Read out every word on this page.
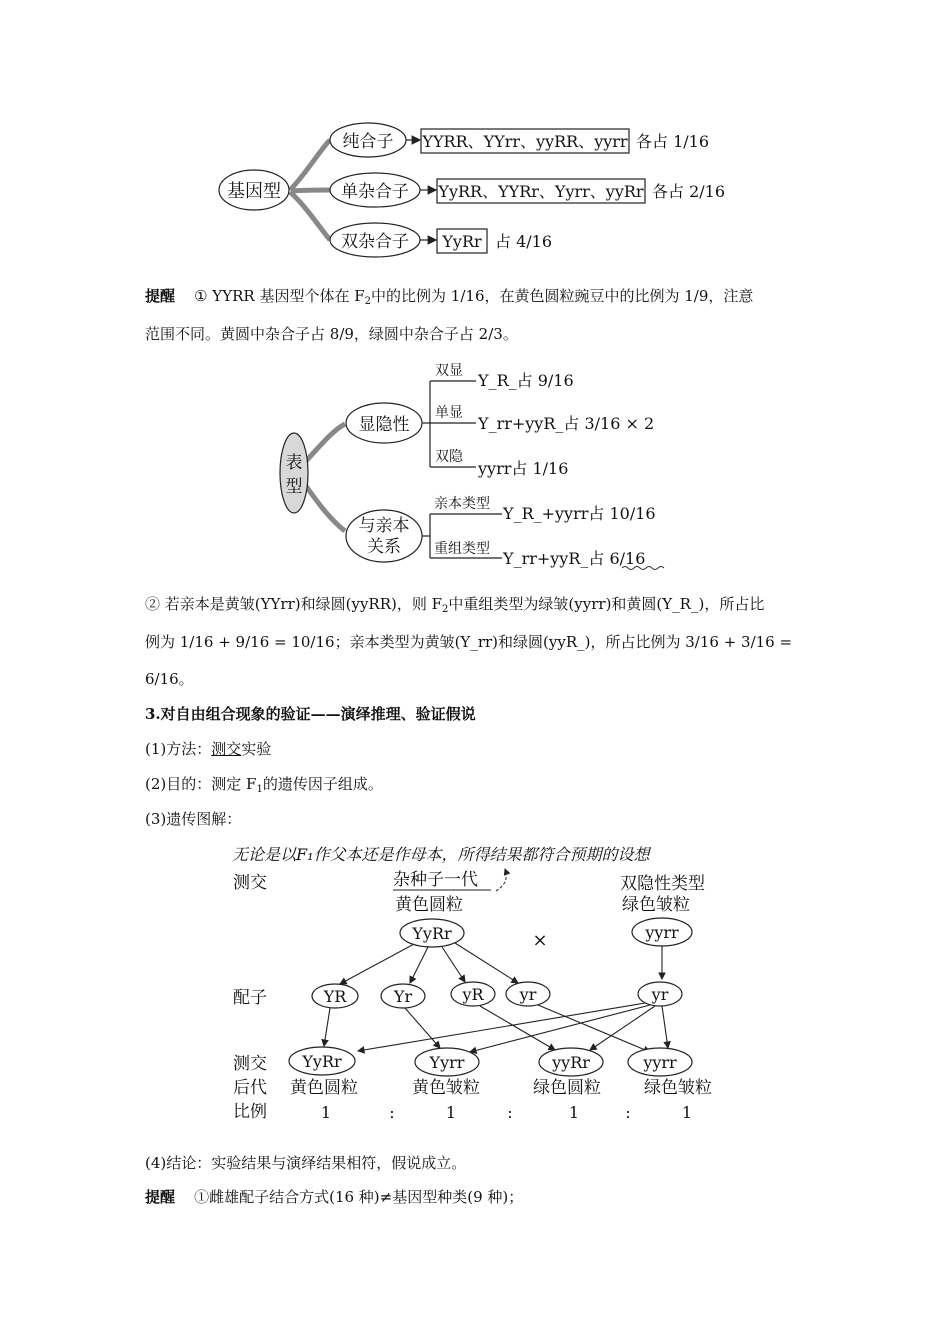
基因型
纯合子 YYRR、YYrr、yyRR、yyrr 各占 1/16
单杂合子 YyRR、YYRr、Yyrr、yyRr 各占 2/16
双杂合子 YyRr 占 4/16
提醒 ① YYRR 基因型个体在 $F_2$中的比例为 1/16，在黄色圆粒豌豆中的比例为 1/9，注意
范围不同。黄圆中杂合子占 8/9，绿圆中杂合子占 2/3。
表
型
显隐性
与亲本
关系
双显 Y_R_占 9/16
单显
Y_rr+yyR_占 3/16 × 2
双隐
yyrr占 1/16
亲本类型 Y_R_+yyrr占 10/16
重组类型 Y_rr+yyR_占 6/16
② 若亲本是黄皱(YYrr)和绿圆(yyRR)，则 $F_2$中重组类型为绿皱(yyrr)和黄圆(Y_R_)，所占比
例为 1/16 + 9/16 = 10/16；亲本类型为黄皱(Y_rr)和绿圆(yyR_)，所占比例为 3/16 + 3/16 =
6/16。
3.对自由组合现象的验证——演绎推理、验证假说
(1)方法：测交实验
(2)目的：测定 $F_1$的遗传因子组成。
(3)遗传图解：
无论是以F₁作父本还是作母本，所得结果都符合预期的设想
测交	杂种子一代
黄色圆粒
YyRr	×
双隐性类型
绿色皱粒
yyrr
配子	YR	Yr	yR yr	yr
测交
后代
比例
YyRr	Yyrr	yyRr	yyrr
黄色圆粒	黄色皱粒	绿色圆粒	绿色皱粒
1	:	1	:	1	:	1
(4)结论：实验结果与演绎结果相符，假说成立。
提醒 ①雌雄配子结合方式(16 种)≠基因型种类(9 种)；
